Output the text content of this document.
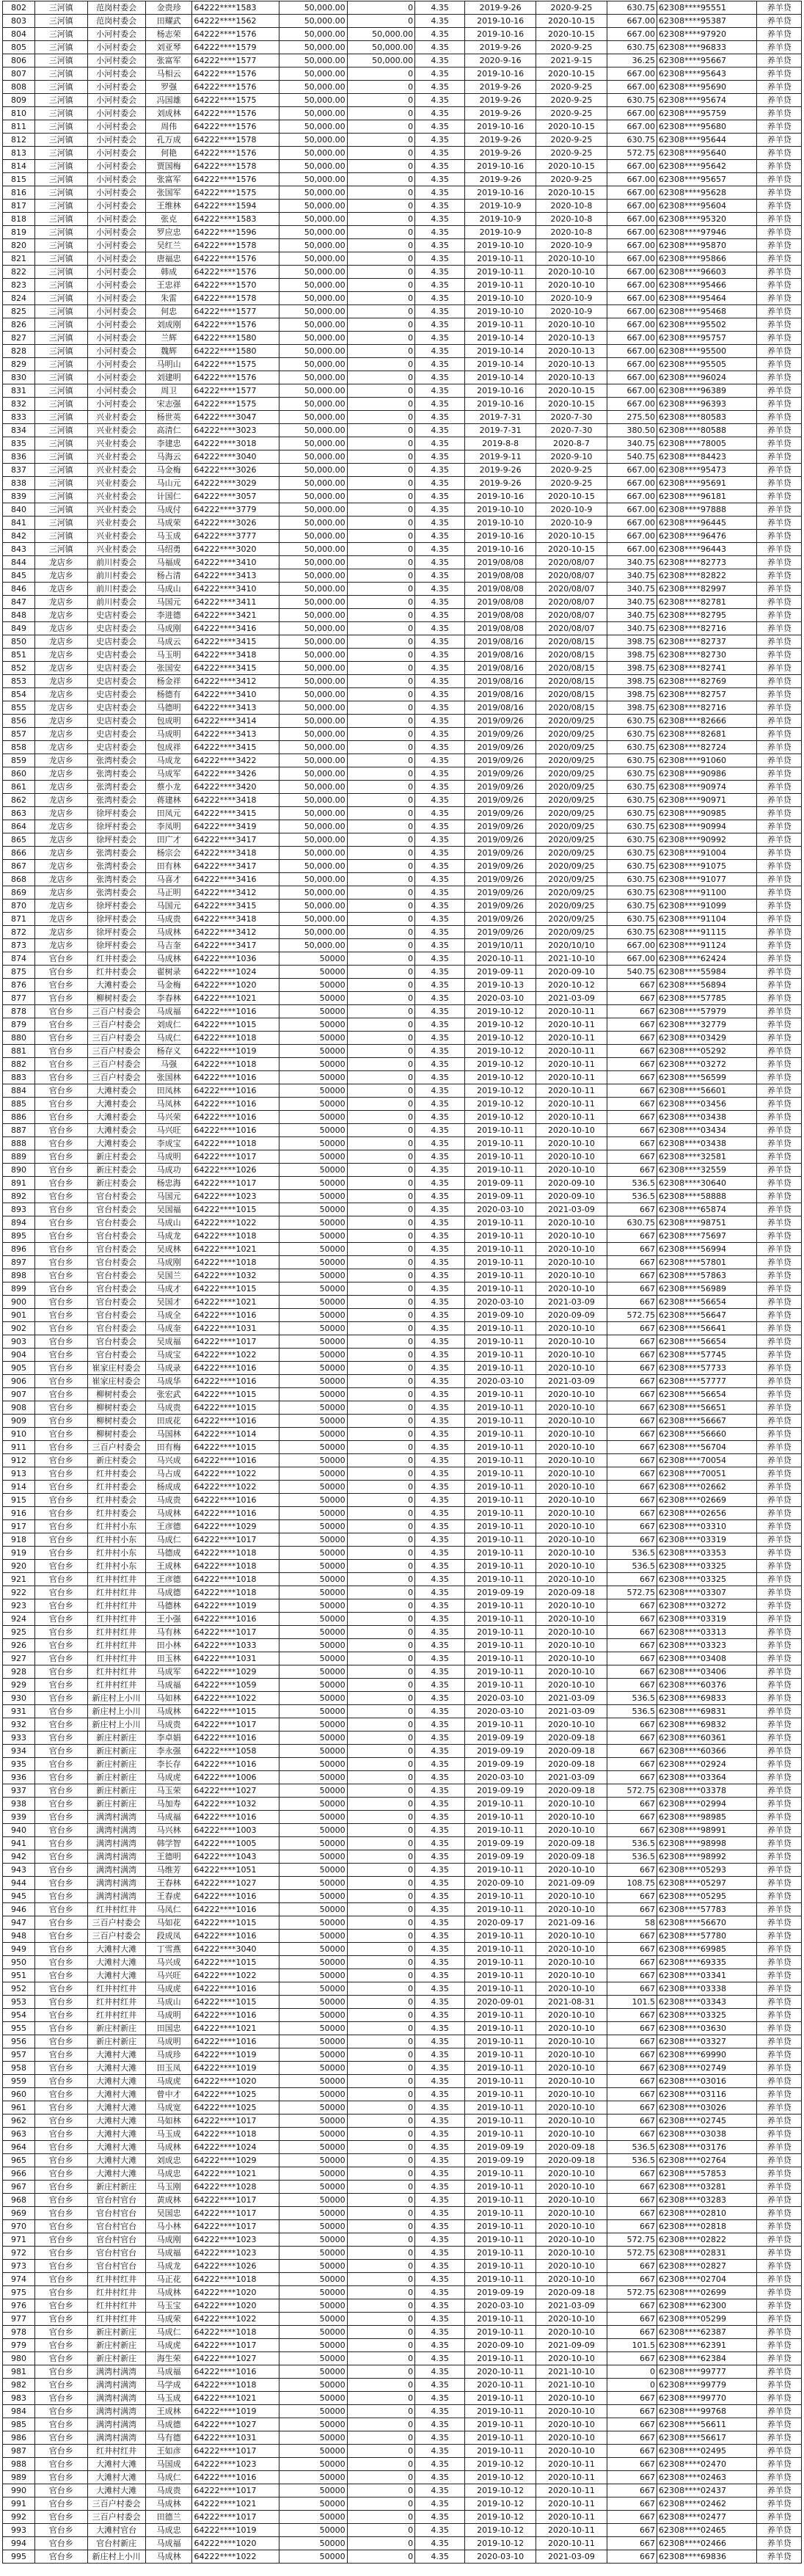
802	三河镇	范岗村委会	金贵珍	64222****1583	50,000.00	0	4.35	2019-9-26	2020-9-25	630.75	62308****95551	养羊贷
803	三河镇	范岗村委会	田耀武	64222****1562	50,000.00	0	4.35	2019-10-16	2020-10-15	667.00	62308****95387	养羊贷
804	三河镇	小河村委会	杨志荣	64222****1576	50,000.00	50,000.00	4.35	2019-10-16	2020-10-15	667.00	62308****97920	养羊贷
805	三河镇	小河村委会	刘亚琴	64222****1579	50,000.00	50,000.00	4.35	2019-9-26	2020-9-25	630.75	62308****96833	养羊贷
806	三河镇	小河村委会	张富军	64222****1577	50,000.00	50,000.00	4.35	2020-9-16	2021-9-15	36.25	62308****95667	养羊贷
807	三河镇	小河村委会	马相云	64222****1576	50,000.00	0	4.35	2019-10-16	2020-10-15	667.00	62308****95643	养羊贷
808	三河镇	小河村委会	罗强	64222****1576	50,000.00	0	4.35	2019-9-26	2020-9-25	667.00	62308****95690	养羊贷
809	三河镇	小河村委会	冯国雄	64222****1575	50,000.00	0	4.35	2019-9-26	2020-9-25	630.75	62308****95674	养羊贷
810	三河镇	小河村委会	刘成林	64222****1576	50,000.00	0	4.35	2019-9-26	2020-9-25	667.00	62308****95759	养羊贷
811	三河镇	小河村委会	周伟	64222****1576	50,000.00	0	4.35	2019-10-16	2020-10-15	667.00	62308****95680	养羊贷
812	三河镇	小河村委会	孔万成	64222****1578	50,000.00	0	4.35	2019-9-26	2020-9-25	630.75	62308****95644	养羊贷
813	三河镇	小河村委会	何艳	64222****1576	50,000.00	0	4.35	2019-9-26	2020-9-25	572.75	62308****95640	养羊贷
814	三河镇	小河村委会	贾国梅	64222****1578	50,000.00	0	4.35	2019-10-16	2020-10-15	667.00	62308****95642	养羊贷
815	三河镇	小河村委会	张富军	64222****1576	50,000.00	0	4.35	2019-9-26	2020-9-25	667.00	62308****95657	养羊贷
816	三河镇	小河村委会	张国军	64222****1575	50,000.00	0	4.35	2019-10-16	2020-10-15	667.00	62308****95628	养羊贷
817	三河镇	小河村委会	王维林	64222****1594	50,000.00	0	4.35	2019-10-9	2020-10-8	667.00	62308****95604	养羊贷
818	三河镇	小河村委会	张克	64222****1583	50,000.00	0	4.35	2019-10-9	2020-10-8	667.00	62308****95320	养羊贷
819	三河镇	小河村委会	罗应忠	64222****1596	50,000.00	0	4.35	2019-10-9	2020-10-8	667.00	62308****97946	养羊贷
820	三河镇	小河村委会	吴红兰	64222****1578	50,000.00	0	4.35	2019-10-10	2020-10-9	667.00	62308****95870	养羊贷
821	三河镇	小河村委会	唐福忠	64222****1576	50,000.00	0	4.35	2019-10-11	2020-10-10	667.00	62308****95866	养羊贷
822	三河镇	小河村委会	韩成	64222****1576	50,000.00	0	4.35	2019-10-11	2020-10-10	667.00	62308****96603	养羊贷
823	三河镇	小河村委会	王忠祥	64222****1570	50,000.00	0	4.35	2019-10-11	2020-10-10	667.00	62308****95466	养羊贷
824	三河镇	小河村委会	朱雷	64222****1578	50,000.00	0	4.35	2019-10-10	2020-10-9	667.00	62308****95464	养羊贷
825	三河镇	小河村委会	何忠	64222****1577	50,000.00	0	4.35	2019-10-10	2020-10-9	667.00	62308****95468	养羊贷
826	三河镇	小河村委会	刘成刚	64222****1576	50,000.00	0	4.35	2019-10-11	2020-10-10	667.00	62308****95502	养羊贷
827	三河镇	小河村委会	兰辉	64222****1580	50,000.00	0	4.35	2019-10-14	2020-10-13	667.00	62308****95757	养羊贷
828	三河镇	小河村委会	魏辉	64222****1580	50,000.00	0	4.35	2019-10-14	2020-10-13	667.00	62308****95500	养羊贷
829	三河镇	小河村委会	马明山	64222****1575	50,000.00	0	4.35	2019-10-14	2020-10-13	667.00	62308****95505	养羊贷
830	三河镇	小河村委会	刘建明	64222****1576	50,000.00	0	4.35	2019-10-14	2020-10-13	667.00	62308****96024	养羊贷
831	三河镇	小河村委会	周卫	64222****1577	50,000.00	0	4.35	2019-10-16	2020-10-15	667.00	62308****96389	养羊贷
832	三河镇	小河村委会	宋志强	64222****1575	50,000.00	0	4.35	2019-10-16	2020-10-15	667.00	62308****96393	养羊贷
833	三河镇	兴业村委会	杨世英	64222****3047	50,000.00	0	4.35	2019-7-31	2020-7-30	275.50	62308****80583	养羊贷
834	三河镇	兴业村委会	高清仁	64222****3023	50,000.00	0	4.35	2019-7-31	2020-7-30	380.50	62308****80588	养羊贷
835	三河镇	兴业村委会	李建忠	64222****3018	50,000.00	0	4.35	2019-8-8	2020-8-7	340.75	62308****78005	养羊贷
836	三河镇	兴业村委会	马海云	64222****3040	50,000.00	0	4.35	2019-9-11	2020-9-10	540.75	62308****84423	养羊贷
837	三河镇	兴业村委会	马金梅	64222****3026	50,000.00	0	4.35	2019-9-26	2020-9-25	667.00	62308****95473	养羊贷
838	三河镇	兴业村委会	马山元	64222****3029	50,000.00	0	4.35	2019-9-26	2020-9-25	667.00	62308****95691	养羊贷
839	三河镇	兴业村委会	计国仁	64222****3057	50,000.00	0	4.35	2019-10-16	2020-10-15	667.00	62308****96181	养羊贷
840	三河镇	兴业村委会	马成付	64222****3779	50,000.00	0	4.35	2019-10-10	2020-10-9	667.00	62308****97888	养羊贷
841	三河镇	兴业村委会	马成荣	64222****3026	50,000.00	0	4.35	2019-10-10	2020-10-9	667.00	62308****96445	养羊贷
842	三河镇	兴业村委会	马玉成	64222****3777	50,000.00	0	4.35	2019-10-16	2020-10-15	667.00	62308****96476	养羊贷
843	三河镇	兴业村委会	马绍勇	64222****3020	50,000.00	0	4.35	2019-10-16	2020-10-15	667.00	62308****96443	养羊贷
844	龙店乡	前川村委会	马福成	64222****3410	50,000.00	0	4.35	2019/08/08	2020/08/07	340.75	62308****82773	养羊贷
845	龙店乡	前川村委会	杨占清	64222****3413	50,000.00	0	4.35	2019/08/08	2020/08/07	340.75	62308****82822	养羊贷
846	龙店乡	前川村委会	马成山	64222****3410	50,000.00	0	4.35	2019/08/08	2020/08/07	340.75	62308****82997	养羊贷
847	龙店乡	前川村委会	马国元	64222****3411	50,000.00	0	4.35	2019/08/08	2020/08/07	340.75	62308****82781	养羊贷
848	龙店乡	史店村委会	李进德	64222****3421	50,000.00	0	4.35	2019/08/08	2020/08/07	340.75	62308****82795	养羊贷
849	龙店乡	史店村委会	马成刚	64222****3416	50,000.00	0	4.35	2019/08/08	2020/08/07	340.75	62308****82716	养羊贷
850	龙店乡	史店村委会	马成云	64222****3415	50,000.00	0	4.35	2019/08/16	2020/08/15	398.75	62308****82737	养羊贷
851	龙店乡	史店村委会	马玉明	64222****3418	50,000.00	0	4.35	2019/08/16	2020/08/15	398.75	62308****82730	养羊贷
852	龙店乡	史店村委会	张国安	64222****3415	50,000.00	0	4.35	2019/08/16	2020/08/15	398.75	62308****82741	养羊贷
853	龙店乡	史店村委会	杨金祥	64222****3412	50,000.00	0	4.35	2019/08/16	2020/08/15	398.75	62308****82769	养羊贷
854	龙店乡	史店村委会	杨德有	64222****3410	50,000.00	0	4.35	2019/08/16	2020/08/15	398.75	62308****82757	养羊贷
855	龙店乡	史店村委会	马德明	64222****3413	50,000.00	0	4.35	2019/08/16	2020/08/15	398.75	62308****82716	养羊贷
856	龙店乡	史店村委会	包成明	64222****3414	50,000.00	0	4.35	2019/09/26	2020/09/25	630.75	62308****82666	养羊贷
857	龙店乡	史店村委会	马成明	64222****3413	50,000.00	0	4.35	2019/09/26	2020/09/25	630.75	62308****82681	养羊贷
858	龙店乡	史店村委会	包成祥	64222****3415	50,000.00	0	4.35	2019/09/26	2020/09/25	630.75	62308****82724	养羊贷
859	龙店乡	张湾村委会	马成龙	64222****3422	50,000.00	0	4.35	2019/09/26	2020/09/25	630.75	62308****91060	养羊贷
860	龙店乡	张湾村委会	马成军	64222****3426	50,000.00	0	4.35	2019/09/26	2020/09/25	630.75	62308****90986	养羊贷
861	龙店乡	张湾村委会	蔡小龙	64222****3420	50,000.00	0	4.35	2019/09/26	2020/09/25	630.75	62308****90974	养羊贷
862	龙店乡	张湾村委会	蒋建林	64222****3418	50,000.00	0	4.35	2019/09/26	2020/09/25	630.75	62308****90971	养羊贷
863	龙店乡	徐坪村委会	田凤元	64222****3415	50,000.00	0	4.35	2019/09/26	2020/09/25	630.75	62308****90985	养羊贷
864	龙店乡	徐坪村委会	李凤明	64222****3419	50,000.00	0	4.35	2019/09/26	2020/09/25	630.75	62308****90994	养羊贷
865	龙店乡	徐坪村委会	田广才	64222****3417	50,000.00	0	4.35	2019/09/26	2020/09/25	630.75	62308****90992	养羊贷
866	龙店乡	张湾村委会	杨宗会	64222****3418	50,000.00	0	4.35	2019/09/26	2020/09/25	630.75	62308****91004	养羊贷
867	龙店乡	张湾村委会	田有林	64222****3417	50,000.00	0	4.35	2019/09/26	2020/09/25	630.75	62308****91075	养羊贷
868	龙店乡	张湾村委会	马喜才	64222****3416	50,000.00	0	4.35	2019/09/26	2020/09/25	630.75	62308****91077	养羊贷
869	龙店乡	张湾村委会	马正明	64222****3412	50,000.00	0	4.35	2019/09/26	2020/09/25	630.75	62308****91100	养羊贷
870	龙店乡	徐坪村委会	马国元	64222****3415	50,000.00	0	4.35	2019/09/26	2020/09/25	630.75	62308****91099	养羊贷
871	龙店乡	徐坪村委会	马成贵	64222****3418	50,000.00	0	4.35	2019/09/26	2020/09/25	630.75	62308****91104	养羊贷
872	龙店乡	徐坪村委会	马成林	64222****3412	50,000.00	0	4.35	2019/09/26	2020/09/25	630.75	62308****91115	养羊贷
873	龙店乡	徐坪村委会	马吉奎	64222****3417	50,000.00	0	4.35	2019/10/11	2020/10/10	667.00	62308****91124	养羊贷
874	官台乡	红井村委会	马成林	64222****1036	50000	0	4.35	2020-10-11	2021-10-10	667.00	62308****62424	养羊贷
875	官台乡	红井村委会	翟树录	64222****1024	50000	0	4.35	2019-09-11	2020-09-10	540.75	62308****55984	养羊贷
876	官台乡	大滩村委会	马金梅	64222****1020	50000	0	4.35	2019-10-13	2020-10-12	667	62308****56894	养羊贷
877	官台乡	柳树村委会	李春林	64222****1021	50000	0	4.35	2020-03-10	2021-03-09	667	62308****57785	养羊贷
878	官台乡	三百户村委会	马成福	64222****1016	50000	0	4.35	2019-10-12	2020-10-11	667	62308****57979	养羊贷
879	官台乡	三百户村委会	刘成仁	64222****1015	50000	0	4.35	2019-10-12	2020-10-11	667	62308****32779	养羊贷
880	官台乡	三百户村委会	马成仁	64222****1018	50000	0	4.35	2019-10-12	2020-10-11	667	62308****03429	养羊贷
881	官台乡	三百户村委会	杨存义	64222****1019	50000	0	4.35	2019-10-12	2020-10-11	667	62308****05292	养羊贷
882	官台乡	三百户村委会	马强	64222****1018	50000	0	4.35	2019-10-12	2020-10-11	667	62308****03272	养羊贷
883	官台乡	三百户村委会	张国林	64222****1016	50000	0	4.35	2019-10-12	2020-10-11	667	62308****56599	养羊贷
884	官台乡	大滩村委会	田凤林	64222****1016	50000	0	4.35	2019-10-12	2020-10-11	667	62308****56601	养羊贷
885	官台乡	大滩村委会	马凤林	64222****1016	50000	0	4.35	2019-10-12	2020-10-11	667	62308****03456	养羊贷
886	官台乡	大滩村委会	马兴荣	64222****1016	50000	0	4.35	2019-10-12	2020-10-11	667	62308****03438	养羊贷
887	官台乡	大滩村委会	马兴旺	64222****1016	50000	0	4.35	2019-10-11	2020-10-10	667	62308****03434	养羊贷
888	官台乡	大滩村委会	李成宝	64222****1018	50000	0	4.35	2019-10-11	2020-10-10	667	62308****03438	养羊贷
889	官台乡	新庄村委会	马成明	64222****1017	50000	0	4.35	2019-10-11	2020-10-10	667	62308****32581	养羊贷
890	官台乡	新庄村委会	马成功	64222****1026	50000	0	4.35	2019-10-11	2020-10-10	667	62308****32559	养羊贷
891	官台乡	新庄村委会	杨忠海	64222****1017	50000	0	4.35	2019-09-11	2020-09-10	536.5	62308****30640	养羊贷
892	官台乡	官台村委会	马国元	64222****1023	50000	0	4.35	2019-09-11	2020-09-10	536.5	62308****58888	养羊贷
893	官台乡	官台村委会	吴国福	64222****1015	50000	0	4.35	2020-03-10	2021-03-09	667	62308****65874	养羊贷
894	官台乡	官台村委会	马成山	64222****1022	50000	0	4.35	2019-10-11	2020-10-10	630.75	62308****98751	养羊贷
895	官台乡	官台村委会	马成龙	64222****1018	50000	0	4.35	2019-10-11	2020-10-10	667	62308****75697	养羊贷
896	官台乡	官台村委会	吴成林	64222****1021	50000	0	4.35	2019-10-11	2020-10-10	667	62308****56994	养羊贷
897	官台乡	官台村委会	马成刚	64222****1018	50000	0	4.35	2019-10-11	2020-10-10	667	62308****57801	养羊贷
898	官台乡	官台村委会	吴国兰	64222****1032	50000	0	4.35	2019-10-11	2020-10-10	667	62308****57863	养羊贷
899	官台乡	官台村委会	马成才	64222****1015	50000	0	4.35	2019-10-11	2020-10-10	667	62308****56989	养羊贷
900	官台乡	官台村委会	吴国才	64222****1021	50000	0	4.35	2020-03-10	2021-03-09	667	62308****56654	养羊贷
901	官台乡	官台村委会	马成全	64222****1016	50000	0	4.35	2019-09-10	2020-09-09	572.75	62308****56647	养羊贷
902	官台乡	官台村委会	马成奎	64222****1031	50000	0	4.35	2019-10-11	2020-10-10	667	62308****56641	养羊贷
903	官台乡	官台村委会	吴成福	64222****1017	50000	0	4.35	2019-10-11	2020-10-10	667	62308****56654	养羊贷
904	官台乡	官台村委会	马成宝	64222****1022	50000	0	4.35	2019-10-11	2020-10-10	667	62308****57745	养羊贷
905	官台乡	崔家庄村委会	马成录	64222****1016	50000	0	4.35	2019-10-11	2020-10-10	667	62308****57733	养羊贷
906	官台乡	崔家庄村委会	马成华	64222****1016	50000	0	4.35	2020-03-10	2021-03-09	667	62308****57777	养羊贷
907	官台乡	柳树村委会	张宏武	64222****1015	50000	0	4.35	2019-10-11	2020-10-10	667	62308****56654	养羊贷
908	官台乡	柳树村委会	马成贵	64222****1015	50000	0	4.35	2019-10-11	2020-10-10	667	62308****56651	养羊贷
909	官台乡	柳树村委会	田成花	64222****1016	50000	0	4.35	2019-10-11	2020-10-10	667	62308****56667	养羊贷
910	官台乡	柳树村委会	马国林	64222****1014	50000	0	4.35	2019-10-11	2020-10-10	667	62308****56660	养羊贷
911	官台乡	三百户村委会	田有梅	64222****1015	50000	0	4.35	2019-10-11	2020-10-10	667	62308****56704	养羊贷
912	官台乡	新庄村委会	马兴成	64222****1016	50000	0	4.35	2019-10-11	2020-10-10	667	62308****70054	养羊贷
913	官台乡	红井村委会	马占成	64222****1022	50000	0	4.35	2019-10-11	2020-10-10	667	62308****70051	养羊贷
914	官台乡	红井村委会	杨成成	64222****1022	50000	0	4.35	2019-10-11	2020-10-10	667	62308****02662	养羊贷
915	官台乡	红井村委会	马成贵	64222****1016	50000	0	4.35	2019-10-11	2020-10-10	667	62308****02669	养羊贷
916	官台乡	红井村委会	马成林	64222****1016	50000	0	4.35	2019-10-11	2020-10-10	667	62308****02656	养羊贷
917	官台乡	红井村小东	王彦德	64222****1029	50000	0	4.35	2019-10-11	2020-10-10	667	62308****03310	养羊贷
918	官台乡	红井村小东	马成仁	64222****1017	50000	0	4.35	2019-10-11	2020-10-10	667	62308****03319	养羊贷
919	官台乡	红井村小东	马德成	64222****1018	50000	0	4.35	2019-10-11	2020-10-10	536.5	62308****03353	养羊贷
920	官台乡	红井村小东	王成林	64222****1018	50000	0	4.35	2019-10-11	2020-10-10	536.5	62308****03325	养羊贷
921	官台乡	红井村红井	王彦德	64222****1018	50000	0	4.35	2019-10-11	2020-10-10	667	62308****03325	养羊贷
922	官台乡	红井村红井	马成德	64222****1018	50000	0	4.35	2019-09-19	2020-09-18	572.75	62308****03307	养羊贷
923	官台乡	红井村红井	马德林	64222****1019	50000	0	4.35	2019-10-11	2020-10-10	667	62308****03272	养羊贷
924	官台乡	红井村红井	王小强	64222****1016	50000	0	4.35	2019-10-11	2020-10-10	667	62308****03319	养羊贷
925	官台乡	红井村红井	马有林	64222****1017	50000	0	4.35	2019-10-11	2020-10-10	667	62308****03313	养羊贷
926	官台乡	红井村红井	田小林	64222****1033	50000	0	4.35	2019-10-11	2020-10-10	667	62308****03323	养羊贷
927	官台乡	红井村红井	田玉林	64222****1031	50000	0	4.35	2019-10-11	2020-10-10	667	62308****03408	养羊贷
928	官台乡	红井村红井	马成军	64222****1029	50000	0	4.35	2019-10-11	2020-10-10	667	62308****03406	养羊贷
929	官台乡	红井村红井	马成福	64222****1059	50000	0	4.35	2019-10-11	2020-10-10	667	62308****60376	养羊贷
930	官台乡	新庄村上小川	马如林	64222****1022	50000	0	4.35	2020-03-10	2021-03-09	536.5	62308****69833	养羊贷
931	官台乡	新庄村上小川	马成林	64222****1015	50000	0	4.35	2020-03-10	2021-03-09	536.5	62308****69831	养羊贷
932	官台乡	新庄村上小川	马成贵	64222****1017	50000	0	4.35	2019-10-11	2020-10-10	667	62308****69832	养羊贷
933	官台乡	新庄村新庄	李卓娟	64222****1016	50000	0	4.35	2019-09-19	2020-09-18	667	62308****60361	养羊贷
934	官台乡	新庄村新庄	李永强	64222****1058	50000	0	4.35	2019-09-19	2020-09-18	667	62308****60366	养羊贷
935	官台乡	新庄村新庄	李长存	64222****1016	50000	0	4.35	2019-09-19	2020-09-18	667	62308****02924	养羊贷
936	官台乡	新庄村新庄	马成虎	64222****1006	50000	0	4.35	2020-03-10	2021-03-09	667	62308****03364	养羊贷
937	官台乡	新庄村新庄	马玉荣	64222****1027	50000	0	4.35	2019-09-19	2020-09-18	572.75	62308****03378	养羊贷
938	官台乡	新庄村新庄	马加寿	64222****1032	50000	0	4.35	2019-10-11	2020-10-10	667	62308****02994	养羊贷
939	官台乡	满湾村满湾	马成福	64222****1016	50000	0	4.35	2019-10-11	2020-10-10	667	62308****98985	养羊贷
940	官台乡	满湾村满湾	马兴林	64222****1003	50000	0	4.35	2019-10-11	2020-10-10	667	62308****98991	养羊贷
941	官台乡	满湾村满湾	韩学智	64222****1005	50000	0	4.35	2019-09-19	2020-09-18	536.5	62308****98998	养羊贷
942	官台乡	满湾村满湾	王德明	64222****1043	50000	0	4.35	2019-09-19	2020-09-18	536.5	62308****98992	养羊贷
943	官台乡	满湾村满湾	马维芳	64222****1051	50000	0	4.35	2019-10-11	2020-10-10	667	62308****05293	养羊贷
944	官台乡	满湾村满湾	王春林	64222****1027	50000	0	4.35	2020-09-10	2021-09-09	108.75	62308****05297	养羊贷
945	官台乡	满湾村满湾	王春虎	64222****1016	50000	0	4.35	2019-10-11	2020-10-10	667	62308****05295	养羊贷
946	官台乡	红井村红井	马凤仁	64222****1016	50000	0	4.35	2019-10-11	2020-10-10	667	62308****57783	养羊贷
947	官台乡	三百户村委会	马如花	64222****1015	50000	0	4.35	2020-09-17	2021-09-16	58	62308****56670	养羊贷
948	官台乡	三百户村委会	段成凤	64222****1016	50000	0	4.35	2019-10-11	2020-10-10	667	62308****57780	养羊贷
949	官台乡	大滩村大滩	丁雪燕	64222****3040	50000	0	4.35	2019-10-11	2020-10-10	667	62308****69985	养羊贷
950	官台乡	大滩村大滩	马兴成	64222****1015	50000	0	4.35	2019-10-11	2020-10-10	667	62308****69335	养羊贷
951	官台乡	大滩村大滩	马兴旺	64222****1022	50000	0	4.35	2019-10-11	2020-10-10	667	62308****03341	养羊贷
952	官台乡	红井村红井	马成虎	64222****1016	50000	0	4.35	2019-10-11	2020-10-10	667	62308****03338	养羊贷
953	官台乡	红井村红井	马成山	64222****1015	50000	0	4.35	2020-09-01	2021-08-31	101.5	62308****03343	养羊贷
954	官台乡	红井村红井	马成明	64222****1016	50000	0	4.35	2019-10-11	2020-10-10	667	62308****03325	养羊贷
955	官台乡	新庄村新庄	田国忠	64222****1021	50000	0	4.35	2019-10-11	2020-10-10	667	62308****03630	养羊贷
956	官台乡	新庄村新庄	马成明	64222****1016	50000	0	4.35	2019-10-11	2020-10-10	667	62308****03327	养羊贷
957	官台乡	大滩村大滩	马成珍	64222****1019	50000	0	4.35	2019-10-11	2020-10-10	667	62308****69990	养羊贷
958	官台乡	大滩村大滩	田玉凤	64222****1019	50000	0	4.35	2019-10-11	2020-10-10	667	62308****02749	养羊贷
959	官台乡	大滩村大滩	马成虎	64222****1020	50000	0	4.35	2019-10-11	2020-10-10	667	62308****03016	养羊贷
960	官台乡	大滩村大滩	曾中才	64222****1025	50000	0	4.35	2019-10-11	2020-10-10	667	62308****03116	养羊贷
961	官台乡	大滩村大滩	马成宽	64222****1025	50000	0	4.35	2019-10-11	2020-10-10	667	62308****03026	养羊贷
962	官台乡	大滩村大滩	马如林	64222****1017	50000	0	4.35	2019-10-11	2020-10-10	667	62308****02745	养羊贷
963	官台乡	大滩村大滩	马玉成	64222****1018	50000	0	4.35	2019-10-11	2020-10-10	667	62308****03038	养羊贷
964	官台乡	大滩村大滩	马成林	64222****1024	50000	0	4.35	2019-09-19	2020-09-18	536.5	62308****03176	养羊贷
965	官台乡	大滩村大滩	刘成忠	64222****1029	50000	0	4.35	2019-09-19	2020-09-18	536.5	62308****02764	养羊贷
966	官台乡	大滩村大滩	马成忠	64222****1021	50000	0	4.35	2019-10-11	2020-10-10	667	62308****57853	养羊贷
967	官台乡	新庄村新庄	马玉刚	64222****1028	50000	0	4.35	2019-10-11	2020-10-10	667	62308****03281	养羊贷
968	官台乡	官台村官台	黄成林	64222****1017	50000	0	4.35	2019-10-11	2020-10-10	667	62308****03283	养羊贷
969	官台乡	官台村官台	吴国忠	64222****1017	50000	0	4.35	2019-10-11	2020-10-10	667	62308****02810	养羊贷
970	官台乡	官台村官台	马小林	64222****1017	50000	0	4.35	2019-10-11	2020-10-10	667	62308****02818	养羊贷
971	官台乡	官台村官台	马成刚	64222****1023	50000	0	4.35	2019-10-11	2020-10-10	572.75	62308****02822	养羊贷
972	官台乡	官台村官台	马成福	64222****1023	50000	0	4.35	2019-10-11	2020-10-10	572.75	62308****02831	养羊贷
973	官台乡	官台村官台	马成龙	64222****1026	50000	0	4.35	2019-10-11	2020-10-10	667	62308****02827	养羊贷
974	官台乡	红井村红井	马正花	64222****1018	50000	0	4.35	2019-10-11	2020-10-10	667	62308****02704	养羊贷
975	官台乡	红井村红井	马成林	64222****1020	50000	0	4.35	2019-09-19	2020-09-18	572.75	62308****02699	养羊贷
976	官台乡	红井村红井	马玉宝	64222****1020	50000	0	4.35	2020-03-10	2021-03-09	667	62308****62300	养羊贷
977	官台乡	红井村红井	马成荣	64222****1022	50000	0	4.35	2019-10-11	2020-10-10	667	62308****05299	养羊贷
978	官台乡	新庄村新庄	马成仁	64222****1018	50000	0	4.35	2019-10-11	2020-10-10	667	62308****62387	养羊贷
979	官台乡	新庄村新庄	马成虎	64222****1017	50000	0	4.35	2020-09-10	2021-09-09	101.5	62308****62391	养羊贷
980	官台乡	新庄村新庄	海生荣	64222****1027	50000	0	4.35	2019-10-11	2020-10-10	667	62308****62384	养羊贷
981	官台乡	满湾村满湾	马成福	64222****1016	50000	0	4.35	2020-10-11	2021-10-10	0	62308****99777	养羊贷
982	官台乡	满湾村满湾	马学成	64222****1018	50000	0	4.35	2020-10-11	2021-10-10	0	62308****99779	养羊贷
983	官台乡	满湾村满湾	马玉成	64222****1021	50000	0	4.35	2019-10-11	2020-10-10	667	62308****99770	养羊贷
984	官台乡	满湾村满湾	王成林	64222****1019	50000	0	4.35	2019-10-11	2020-10-10	667	62308****99768	养羊贷
985	官台乡	满湾村满湾	马成德	64222****1027	50000	0	4.35	2019-10-11	2020-10-10	667	62308****56611	养羊贷
986	官台乡	满湾村满湾	马有德	64222****1031	50000	0	4.35	2019-10-11	2020-10-10	667	62308****56617	养羊贷
987	官台乡	红井村红井	王如彦	64222****1017	50000	0	4.35	2019-10-11	2020-10-10	667	62308****02495	养羊贷
988	官台乡	大滩村大滩	马国成	64222****1023	50000	0	4.35	2019-10-12	2020-10-11	667	62308****02470	养羊贷
989	官台乡	大滩村大滩	马成仁	64222****1016	50000	0	4.35	2019-10-12	2020-10-11	667	62308****02463	养羊贷
990	官台乡	大滩村大滩	马成贵	64222****1017	50000	0	4.35	2019-10-12	2020-10-11	667	62308****02437	养羊贷
991	官台乡	三百户村委会	马成林	64222****1021	50000	0	4.35	2019-10-12	2020-10-11	667	62308****02462	养羊贷
992	官台乡	三百户村委会	田德兰	64222****1017	50000	0	4.35	2019-10-12	2020-10-11	667	62308****02477	养羊贷
993	官台乡	大滩村官台	马成忠	64222****1019	50000	0	4.35	2019-10-12	2020-10-11	667	62308****02465	养羊贷
994	官台乡	官台村新庄	马成福	64222****1020	50000	0	4.35	2019-10-12	2020-10-11	667	62308****02466	养羊贷
995	官台乡	新庄村上小川	马成林	64222****1022	50000	0	4.35	2020-03-10	2021-03-09	667	62308****69836	养羊贷
